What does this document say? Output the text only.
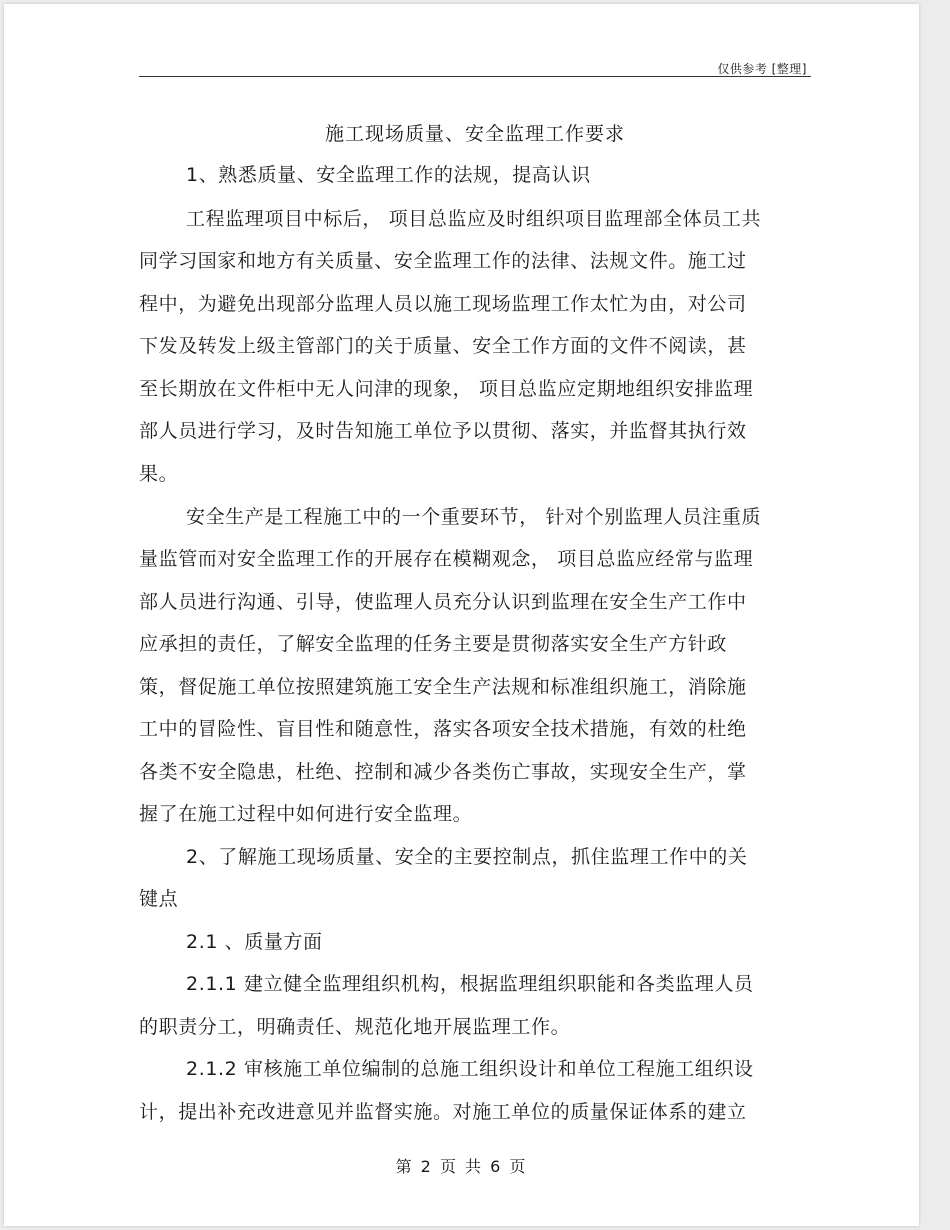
仅供参考 [整理]
施工现场质量、安全监理工作要求
1、熟悉质量、安全监理工作的法规，提高认识
工程监理项目中标后， 项目总监应及时组织项目监理部全体员工共
同学习国家和地方有关质量、安全监理工作的法律、法规文件。施工过
程中，为避免出现部分监理人员以施工现场监理工作太忙为由，对公司
下发及转发上级主管部门的关于质量、安全工作方面的文件不阅读，甚
至长期放在文件柜中无人问津的现象， 项目总监应定期地组织安排监理
部人员进行学习，及时告知施工单位予以贯彻、落实，并监督其执行效
果。
安全生产是工程施工中的一个重要环节， 针对个别监理人员注重质
量监管而对安全监理工作的开展存在模糊观念， 项目总监应经常与监理
部人员进行沟通、引导，使监理人员充分认识到监理在安全生产工作中
应承担的责任，了解安全监理的任务主要是贯彻落实安全生产方针政
策，督促施工单位按照建筑施工安全生产法规和标准组织施工，消除施
工中的冒险性、盲目性和随意性，落实各项安全技术措施，有效的杜绝
各类不安全隐患，杜绝、控制和减少各类伤亡事故，实现安全生产，掌
握了在施工过程中如何进行安全监理。
2、了解施工现场质量、安全的主要控制点，抓住监理工作中的关
键点
2.1 、质量方面
2.1.1 建立健全监理组织机构，根据监理组织职能和各类监理人员
的职责分工，明确责任、规范化地开展监理工作。
2.1.2 审核施工单位编制的总施工组织设计和单位工程施工组织设
计，提出补充改进意见并监督实施。对施工单位的质量保证体系的建立
第 2 页 共 6 页
